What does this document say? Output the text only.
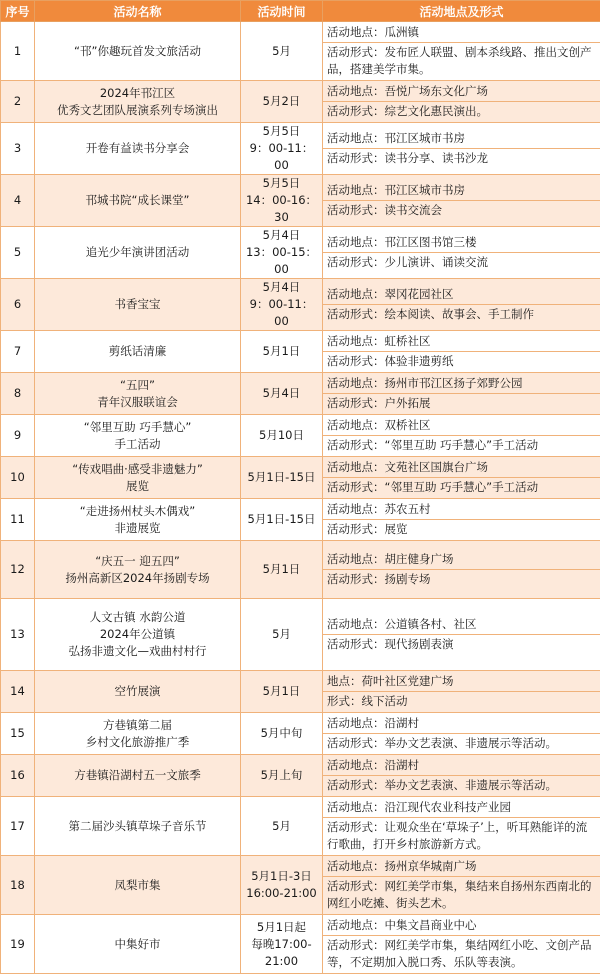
序号	活动名称	活动时间	活动地点及形式
1	“邗”你趣玩首发文旅活动	5月	活动地点：瓜洲镇
活动形式：发布匠人联盟、剧本杀线路、推出文创产品，搭建美学市集。

2	2024年邗江区
优秀文艺团队展演系列专场演出	5月2日	活动地点：吾悦广场东文化广场
活动形式：综艺文化惠民演出。

3	开卷有益读书分享会	5月5日
9：00-11：00	活动地点：邗江区城市书房
活动形式：读书分享、读书沙龙

4	邗城书院“成长课堂”	5月5日
14：00-16：30	活动地点：邗江区城市书房
活动形式：读书交流会

5	追光少年演讲团活动	5月4日
13：00-15：00	活动地点：邗江区图书馆三楼
活动形式：少儿演讲、诵读交流

6	书香宝宝	5月4日
9：00-11：00	活动地点：翠冈花园社区
活动形式：绘本阅读、故事会、手工制作

7	剪纸话清廉	5月1日	活动地点：虹桥社区
活动形式：体验非遗剪纸

8	“五四”
青年汉服联谊会	5月4日	活动地点：扬州市邗江区扬子郊野公园
活动形式：户外拓展

9	“邻里互助 巧手慧心”
手工活动	5月10日	活动地点：双桥社区
活动形式：“邻里互助 巧手慧心”手工活动

10	“传戏唱曲·感受非遗魅力”
展览	5月1日-15日	活动地点：文苑社区国旗台广场
活动形式：“邻里互助 巧手慧心”手工活动

11	“走进扬州杖头木偶戏”
非遗展览	5月1日-15日	活动地点：苏农五村
活动形式：展览

12	“庆五一 迎五四”
扬州高新区2024年扬剧专场	5月1日	活动地点：胡庄健身广场
活动形式：扬剧专场

13	人文古镇 水韵公道
2024年公道镇
弘扬非遗文化—戏曲村村行	5月	活动地点：公道镇各村、社区
活动形式：现代扬剧表演

14	空竹展演	5月1日	地点：荷叶社区党建广场
形式：线下活动

15	方巷镇第二届
乡村文化旅游推广季	5月中旬	活动地点：沿湖村
活动形式：举办文艺表演、非遗展示等活动。

16	方巷镇沿湖村五一文旅季	5月上旬	活动地点：沿湖村
活动形式：举办文艺表演、非遗展示等活动。

17	第二届沙头镇草垛子音乐节	5月	活动地点：沿江现代农业科技产业园
活动形式：让观众坐在‘草垛子’上，听耳熟能详的流行歌曲，打开乡村旅游新方式。

18	凤梨市集	5月1日-3日
16:00-21:00	活动地点：扬州京华城南广场
活动形式：网红美学市集，集结来自扬州东西南北的网红小吃摊、街头艺术。

19	中集好市	5月1日起
每晚17:00-21:00	活动地点：中集文昌商业中心
活动形式：网红美学市集，集结网红小吃、文创产品等，不定期加入脱口秀、乐队等表演。
